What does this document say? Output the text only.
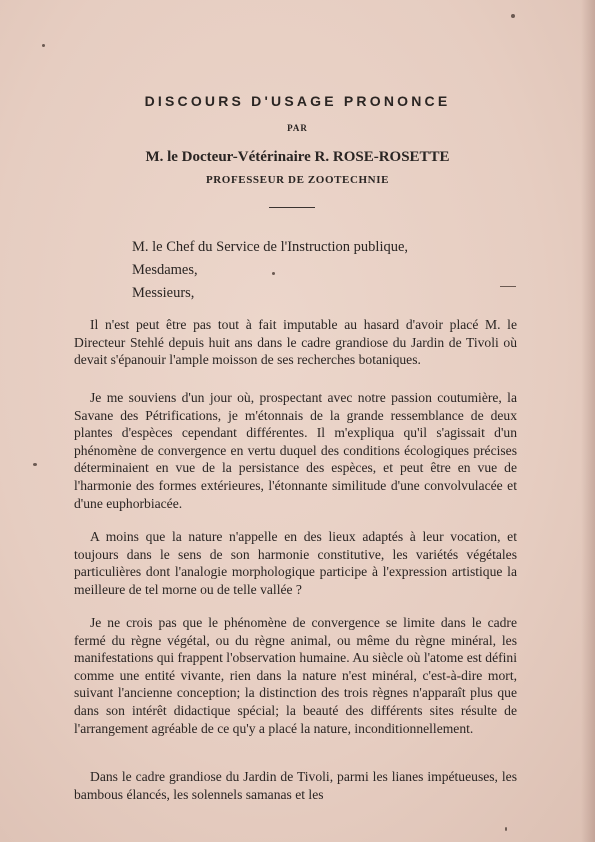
DISCOURS D'USAGE PRONONCE
PAR
M. le Docteur-Vétérinaire R. ROSE-ROSETTE
PROFESSEUR DE ZOOTECHNIE
M. le Chef du Service de l'Instruction publique,
Mesdames,
Messieurs,
Il n'est peut être pas tout à fait imputable au hasard d'avoir placé M. le Directeur Stehlé depuis huit ans dans le cadre grandiose du Jardin de Tivoli où devait s'épanouir l'ample moisson de ses recherches botaniques.
Je me souviens d'un jour où, prospectant avec notre passion coutumière, la Savane des Pétrifications, je m'étonnais de la grande ressemblance de deux plantes d'espèces cependant différentes. Il m'expliqua qu'il s'agissait d'un phénomène de convergence en vertu duquel des conditions écologiques précises déterminaient en vue de la persistance des espèces, et peut être en vue de l'harmonie des formes extérieures, l'étonnante similitude d'une convolvulacée et d'une euphorbiacée.
A moins que la nature n'appelle en des lieux adaptés à leur vocation, et toujours dans le sens de son harmonie constitutive, les variétés végétales particulières dont l'analogie morphologique participe à l'expression artistique la meilleure de tel morne ou de telle vallée ?
Je ne crois pas que le phénomène de convergence se limite dans le cadre fermé du règne végétal, ou du règne animal, ou même du règne minéral, les manifestations qui frappent l'observation humaine. Au siècle où l'atome est défini comme une entité vivante, rien dans la nature n'est minéral, c'est-à-dire mort, suivant l'ancienne conception; la distinction des trois règnes n'apparaît plus que dans son intérêt didactique spécial; la beauté des différents sites résulte de l'arrangement agréable de ce qu'y a placé la nature, inconditionnellement.
Dans le cadre grandiose du Jardin de Tivoli, parmi les lianes impétueuses, les bambous élancés, les solennels samanas et les
